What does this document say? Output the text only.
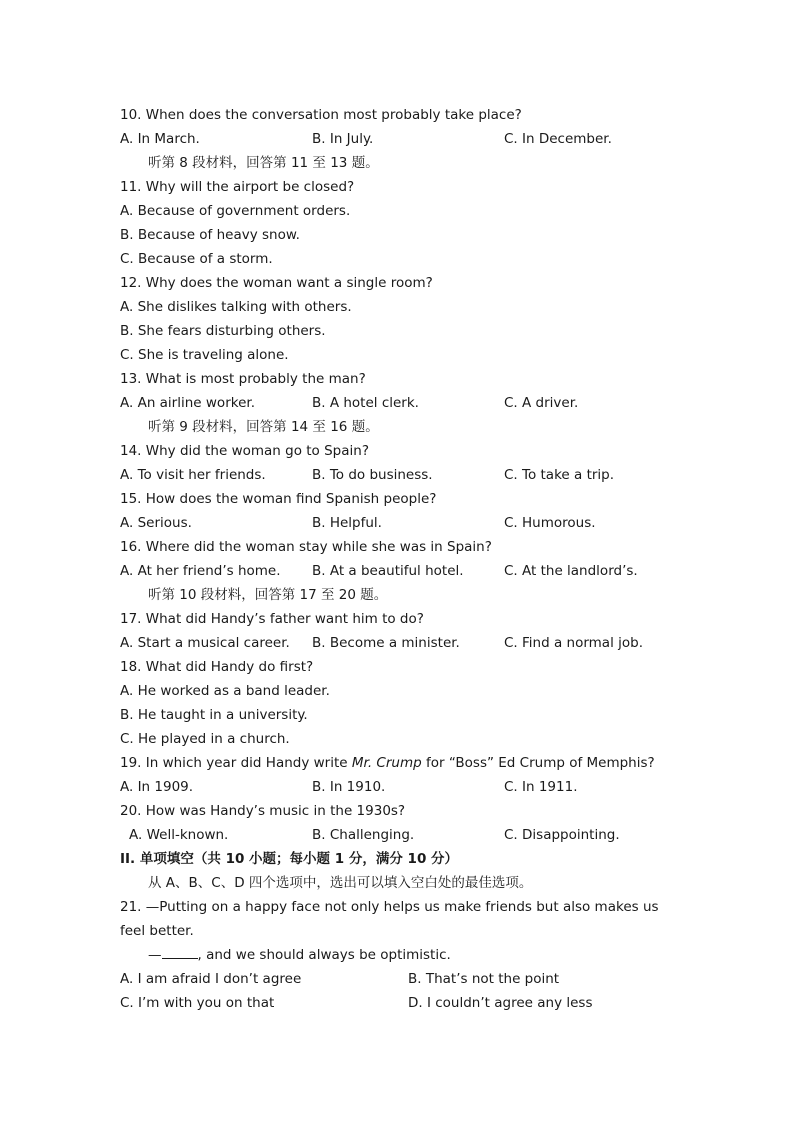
10. When does the conversation most probably take place?
A. In March.	B. In July.	C. In December.
听第 8 段材料，回答第 11 至 13 题。
11. Why will the airport be closed?
A. Because of government orders.
B. Because of heavy snow.
C. Because of a storm.
12. Why does the woman want a single room?
A. She dislikes talking with others.
B. She fears disturbing others.
C. She is traveling alone.
13. What is most probably the man?
A. An airline worker.	B. A hotel clerk.	C. A driver.
听第 9 段材料，回答第 14 至 16 题。
14. Why did the woman go to Spain?
A. To visit her friends.	B. To do business.	C. To take a trip.
15. How does the woman find Spanish people?
A. Serious.	B. Helpful.	C. Humorous.
16. Where did the woman stay while she was in Spain?
A. At her friend’s home. B. At a beautiful hotel.	C. At the landlord’s.
听第 10 段材料，回答第 17 至 20 题。
17. What did Handy’s father want him to do?
A. Start a musical career. B. Become a minister.	C. Find a normal job.
18. What did Handy do first?
A. He worked as a band leader.
B. He taught in a university.
C. He played in a church.
19. In which year did Handy write Mr. Crump for “Boss” Ed Crump of Memphis?
A. In 1909.	B. In 1910.	C. In 1911.
20. How was Handy’s music in the 1930s?
A. Well-known.	B. Challenging.	C. Disappointing.
II. 单项填空（共 10 小题；每小题 1 分，满分 10 分）
从 A、B、C、D 四个选项中，选出可以填入空白处的最佳选项。
21. —Putting on a happy face not only helps us make friends but also makes us feel better.
—	, and we should always be optimistic.
A. I am afraid I don’t agree	B. That’s not the point
C. I’m with you on that	D. I couldn’t agree any less
